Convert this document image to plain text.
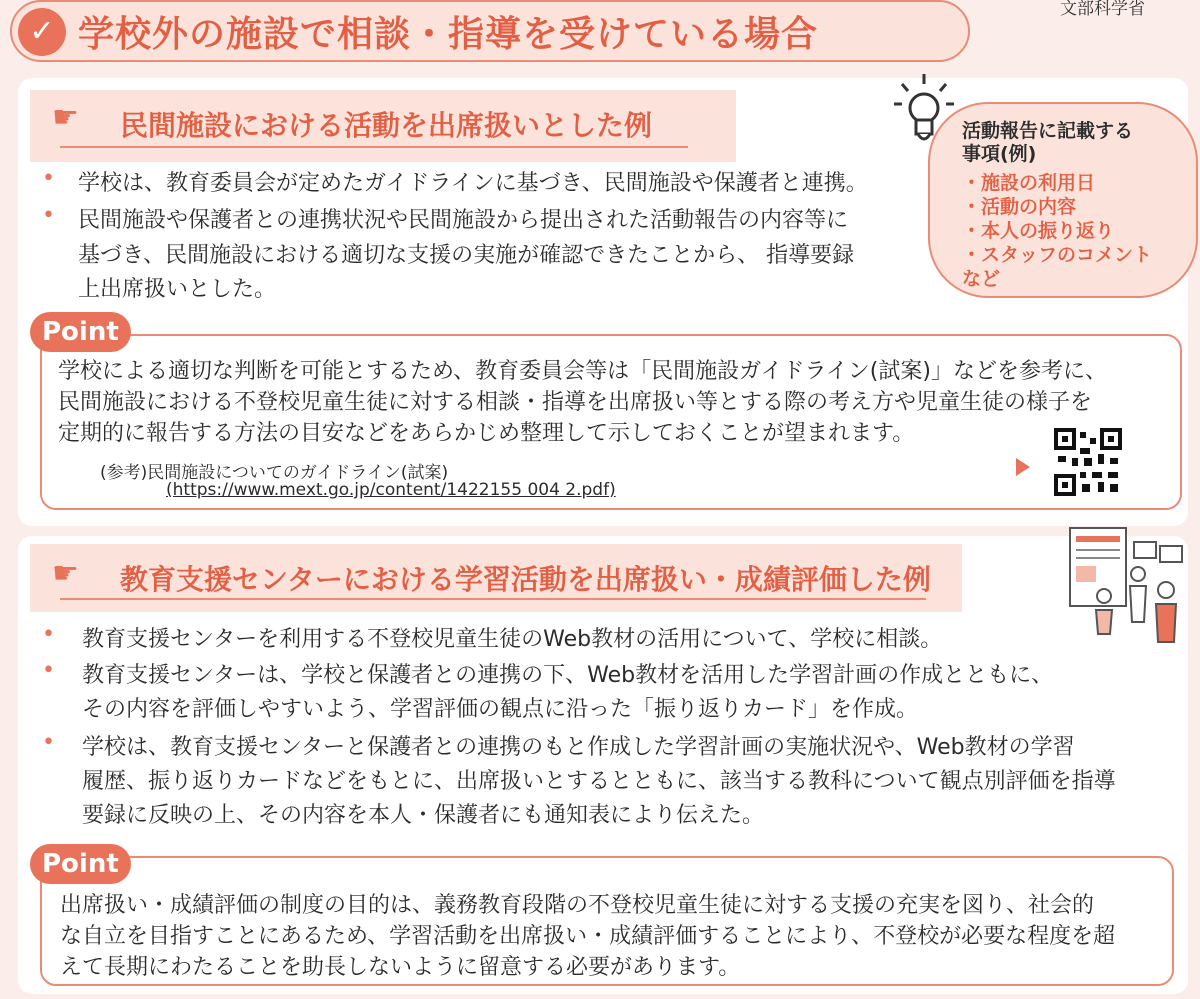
✓ 学校外の施設で相談・指導を受けている場合
文部科学省
☛ 民間施設における活動を出席扱いとした例
• 学校は、教育委員会が定めたガイドラインに基づき、民間施設や保護者と連携。
• 民間施設や保護者との連携状況や民間施設から提出された活動報告の内容等に
基づき、民間施設における適切な支援の実施が確認できたことから、 指導要録
上出席扱いとした。
活動報告に記載する
事項(例)
・施設の利用日
・活動の内容
・本人の振り返り
・スタッフのコメント
など
Point
学校による適切な判断を可能とするため、教育委員会等は「民間施設ガイドライン(試案)」などを参考に、
民間施設における不登校児童生徒に対する相談・指導を出席扱い等とする際の考え方や児童生徒の様子を
定期的に報告する方法の目安などをあらかじめ整理して示しておくことが望まれます。
(参考)民間施設についてのガイドライン(試案)
(https://www.mext.go.jp/content/1422155 004 2.pdf)
☛ 教育支援センターにおける学習活動を出席扱い・成績評価した例
• 教育支援センターを利用する不登校児童生徒のWeb教材の活用について、学校に相談。
• 教育支援センターは、学校と保護者との連携の下、Web教材を活用した学習計画の作成とともに、
その内容を評価しやすいよう、学習評価の観点に沿った「振り返りカード」を作成。
• 学校は、教育支援センターと保護者との連携のもと作成した学習計画の実施状況や、Web教材の学習
履歴、振り返りカードなどをもとに、出席扱いとするとともに、該当する教科について観点別評価を指導
要録に反映の上、その内容を本人・保護者にも通知表により伝えた。
Point
出席扱い・成績評価の制度の目的は、義務教育段階の不登校児童生徒に対する支援の充実を図り、社会的
な自立を目指すことにあるため、学習活動を出席扱い・成績評価することにより、不登校が必要な程度を超
えて長期にわたることを助長しないように留意する必要があります。
